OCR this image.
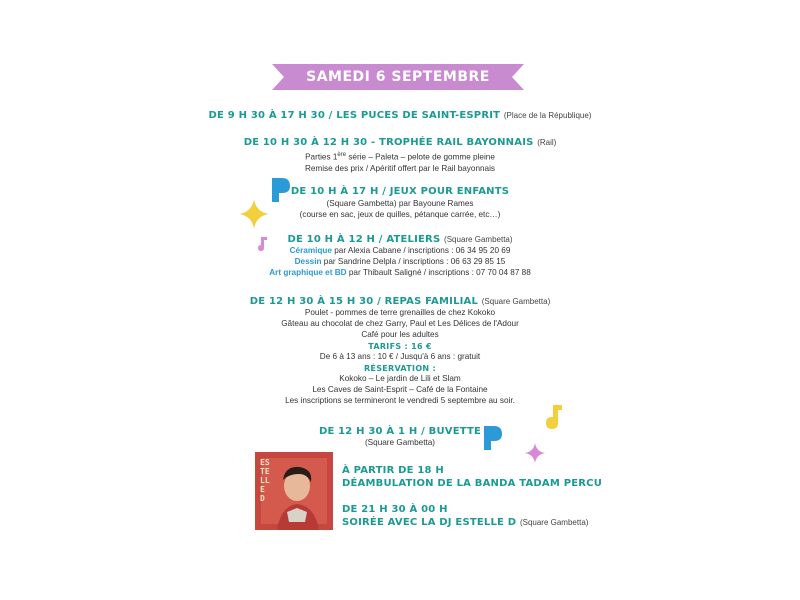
SAMEDI 6 SEPTEMBRE
DE 9 H 30 À 17 H 30 / LES PUCES DE SAINT-ESPRIT (Place de la République)
DE 10 H 30 À 12 H 30 - TROPHÉE RAIL BAYONNAIS (Rail)
Parties 1ère série – Paleta – pelote de gomme pleine
Remise des prix / Apéritif offert par le Rail bayonnais
DE 10 H À 17 H / JEUX POUR ENFANTS
(Square Gambetta) par Bayoune Rames
(course en sac, jeux de quilles, pétanque carrée, etc…)
DE 10 H À 12 H / ATELIERS (Square Gambetta)
Céramique par Alexia Cabane / inscriptions : 06 34 95 20 69
Dessin par Sandrine Delpla / inscriptions : 06 63 29 85 15
Art graphique et BD par Thibault Saligné / inscriptions : 07 70 04 87 88
DE 12 H 30 À 15 H 30 / REPAS FAMILIAL (Square Gambetta)
Poulet - pommes de terre grenailles de chez Kokoko
Gâteau au chocolat de chez Garry, Paul et Les Délices de l'Adour
Café pour les adultes
TARIFS : 16 €
De 6 à 13 ans : 10 € / Jusqu'à 6 ans : gratuit
RÉSERVATION :
Kokoko – Le jardin de Lili et Slam
Les Caves de Saint-Esprit – Café de la Fontaine
Les inscriptions se termineront le vendredi 5 septembre au soir.
DE 12 H 30 À 1 H / BUVETTE
(Square Gambetta)
ESTELLE D
À PARTIR DE 18 H
DÉAMBULATION DE LA BANDA TADAM PERCU
DE 21 H 30 À 00 H
SOIRÉE AVEC LA DJ ESTELLE D (Square Gambetta)
